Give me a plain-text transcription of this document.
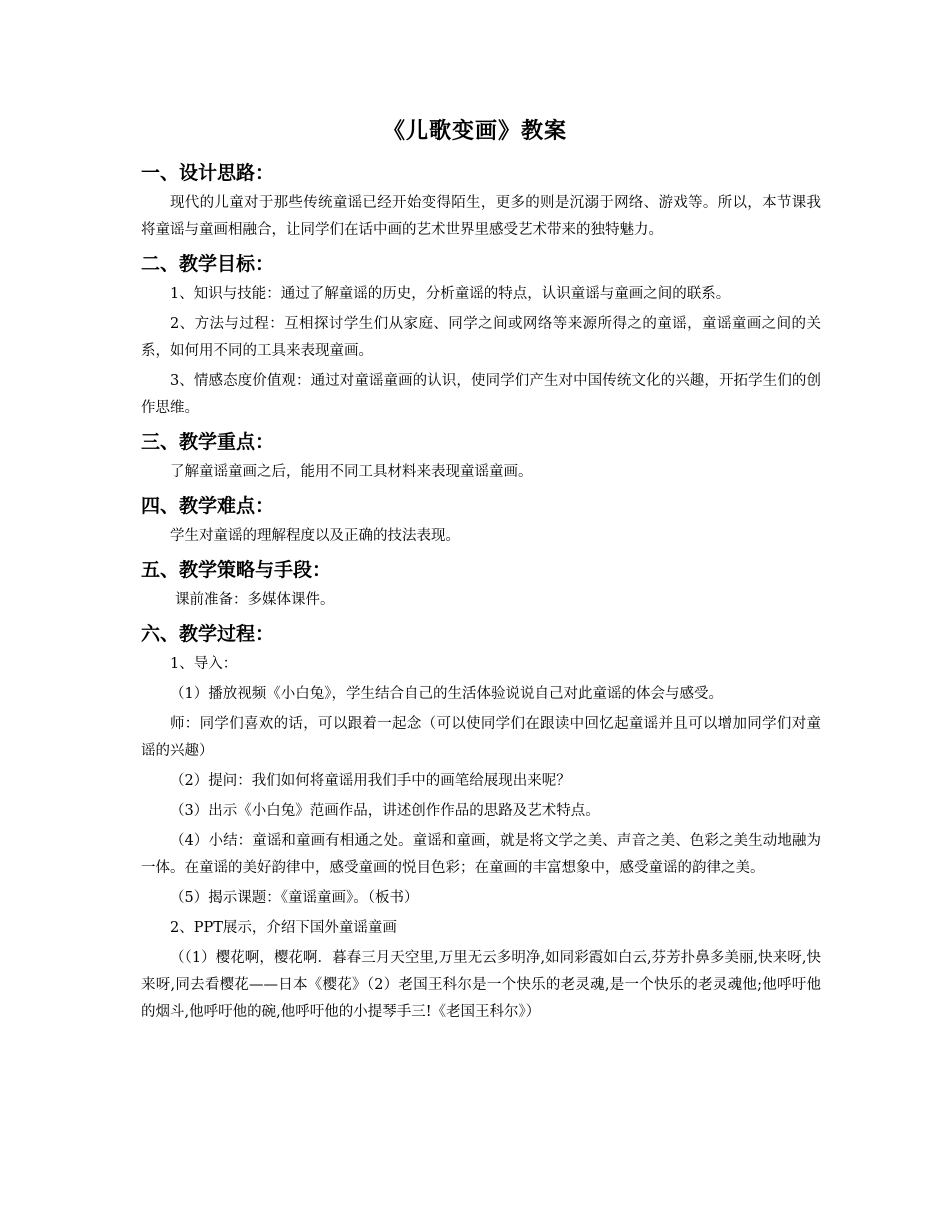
《儿歌变画》教案
一、设计思路：

现代的儿童对于那些传统童谣已经开始变得陌生，更多的则是沉溺于网络、游戏等。所以，本节课我将童谣与童画相融合，让同学们在话中画的艺术世界里感受艺术带来的独特魅力。

二、教学目标：

1、知识与技能：通过了解童谣的历史，分析童谣的特点，认识童谣与童画之间的联系。

2、方法与过程：互相探讨学生们从家庭、同学之间或网络等来源所得之的童谣，童谣童画之间的关系，如何用不同的工具来表现童画。

3、情感态度价值观：通过对童谣童画的认识，使同学们产生对中国传统文化的兴趣，开拓学生们的创作思维。

三、教学重点：

了解童谣童画之后，能用不同工具材料来表现童谣童画。

四、教学难点：

学生对童谣的理解程度以及正确的技法表现。

五、教学策略与手段：

课前准备：多媒体课件。

六、教学过程：

1、导入：

（1）播放视频《小白兔》，学生结合自己的生活体验说说自己对此童谣的体会与感受。

师：同学们喜欢的话，可以跟着一起念（可以使同学们在跟读中回忆起童谣并且可以增加同学们对童谣的兴趣）

（2）提问：我们如何将童谣用我们手中的画笔给展现出来呢？

（3）出示《小白兔》范画作品，讲述创作作品的思路及艺术特点。

（4）小结：童谣和童画有相通之处。童谣和童画，就是将文学之美、声音之美、色彩之美生动地融为一体。在童谣的美好韵律中，感受童画的悦目色彩；在童画的丰富想象中，感受童谣的韵律之美。

（5）揭示课题：《童谣童画》。（板书）

2、PPT展示，介绍下国外童谣童画

（（1）樱花啊，樱花啊．暮春三月天空里,万里无云多明净,如同彩霞如白云,芬芳扑鼻多美丽,快来呀,快来呀,同去看樱花——日本《樱花》（2）老国王科尔是一个快乐的老灵魂,是一个快乐的老灵魂他;他呼吁他的烟斗,他呼吁他的碗,他呼吁他的小提琴手三!《老国王科尔》）
